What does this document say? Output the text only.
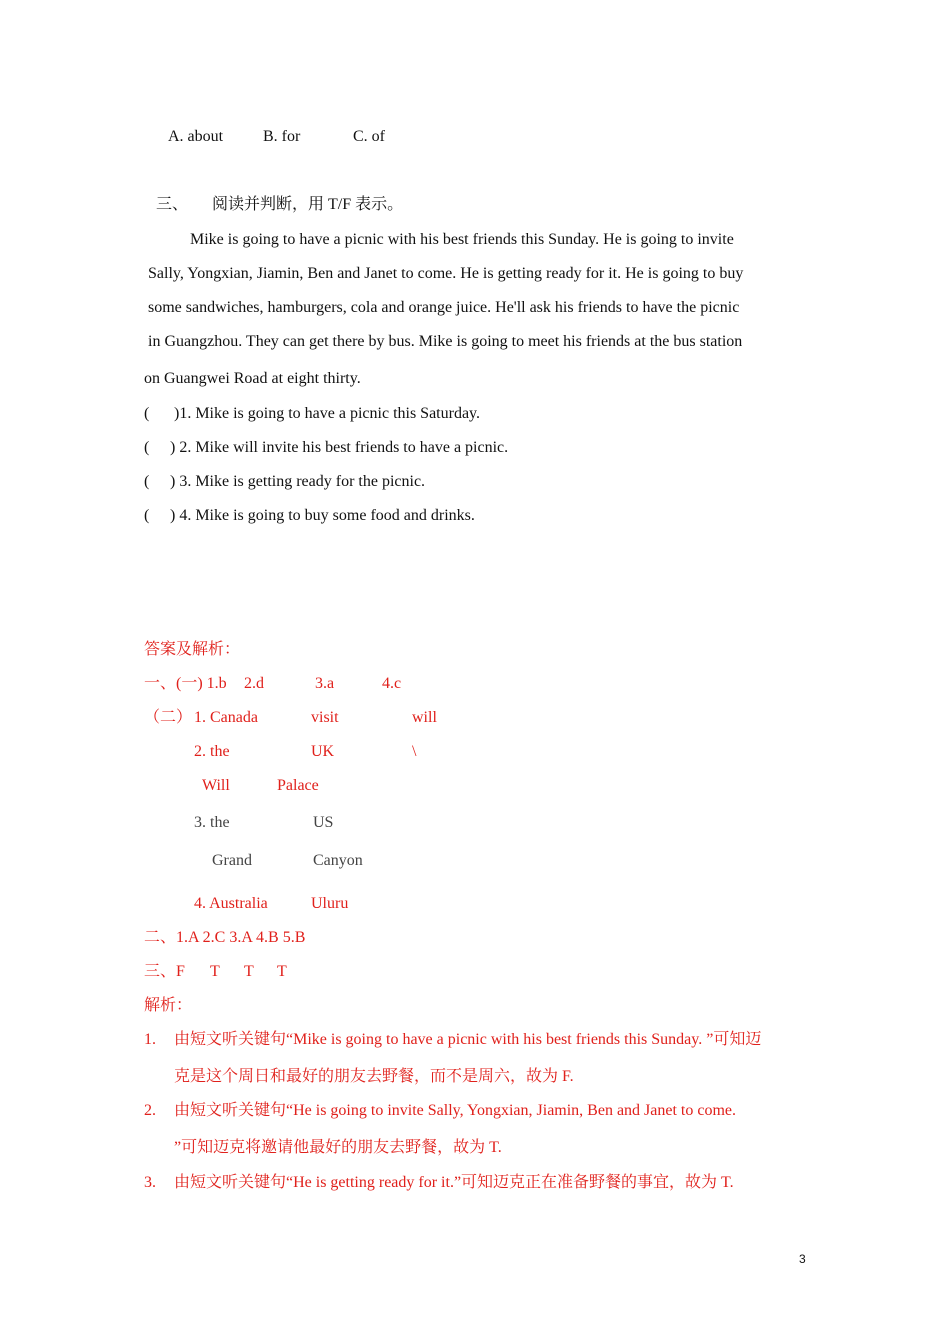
A. about B. for	C. of
三、 阅读并判断，用 T/F 表示。
Mike is going to have a picnic with his best friends this Sunday. He is going to invite
Sally, Yongxian, Jiamin, Ben and Janet to come. He is getting ready for it. He is going to buy
some sandwiches, hamburgers, cola and orange juice. He'll ask his friends to have the picnic
in Guangzhou. They can get there by bus. Mike is going to meet his friends at the bus station
on Guangwei Road at eight thirty.
( )1. Mike is going to have a picnic this Saturday.
( ) 2. Mike will invite his best friends to have a picnic.
( ) 3. Mike is getting ready for the picnic.
( ) 4. Mike is going to buy some food and drinks.
答案及解析：
一、(一) 1.b 2.d	3.a	4.c
（二） 1. Canada	visit	will
2. the	UK	\
Will	Palace
3. the	US
Grand	Canyon
4. Australia	Uluru
二、1.A 2.C 3.A 4.B 5.B
三、F T T T
解析：
1. 由短文听关键句“Mike is going to have a picnic with his best friends this Sunday. ”可知迈
克是这个周日和最好的朋友去野餐，而不是周六，故为 F.
2. 由短文听关键句“He is going to invite Sally, Yongxian, Jiamin, Ben and Janet to come.
”可知迈克将邀请他最好的朋友去野餐，故为 T.
3. 由短文听关键句“He is getting ready for it.”可知迈克正在准备野餐的事宜，故为 T.
3
